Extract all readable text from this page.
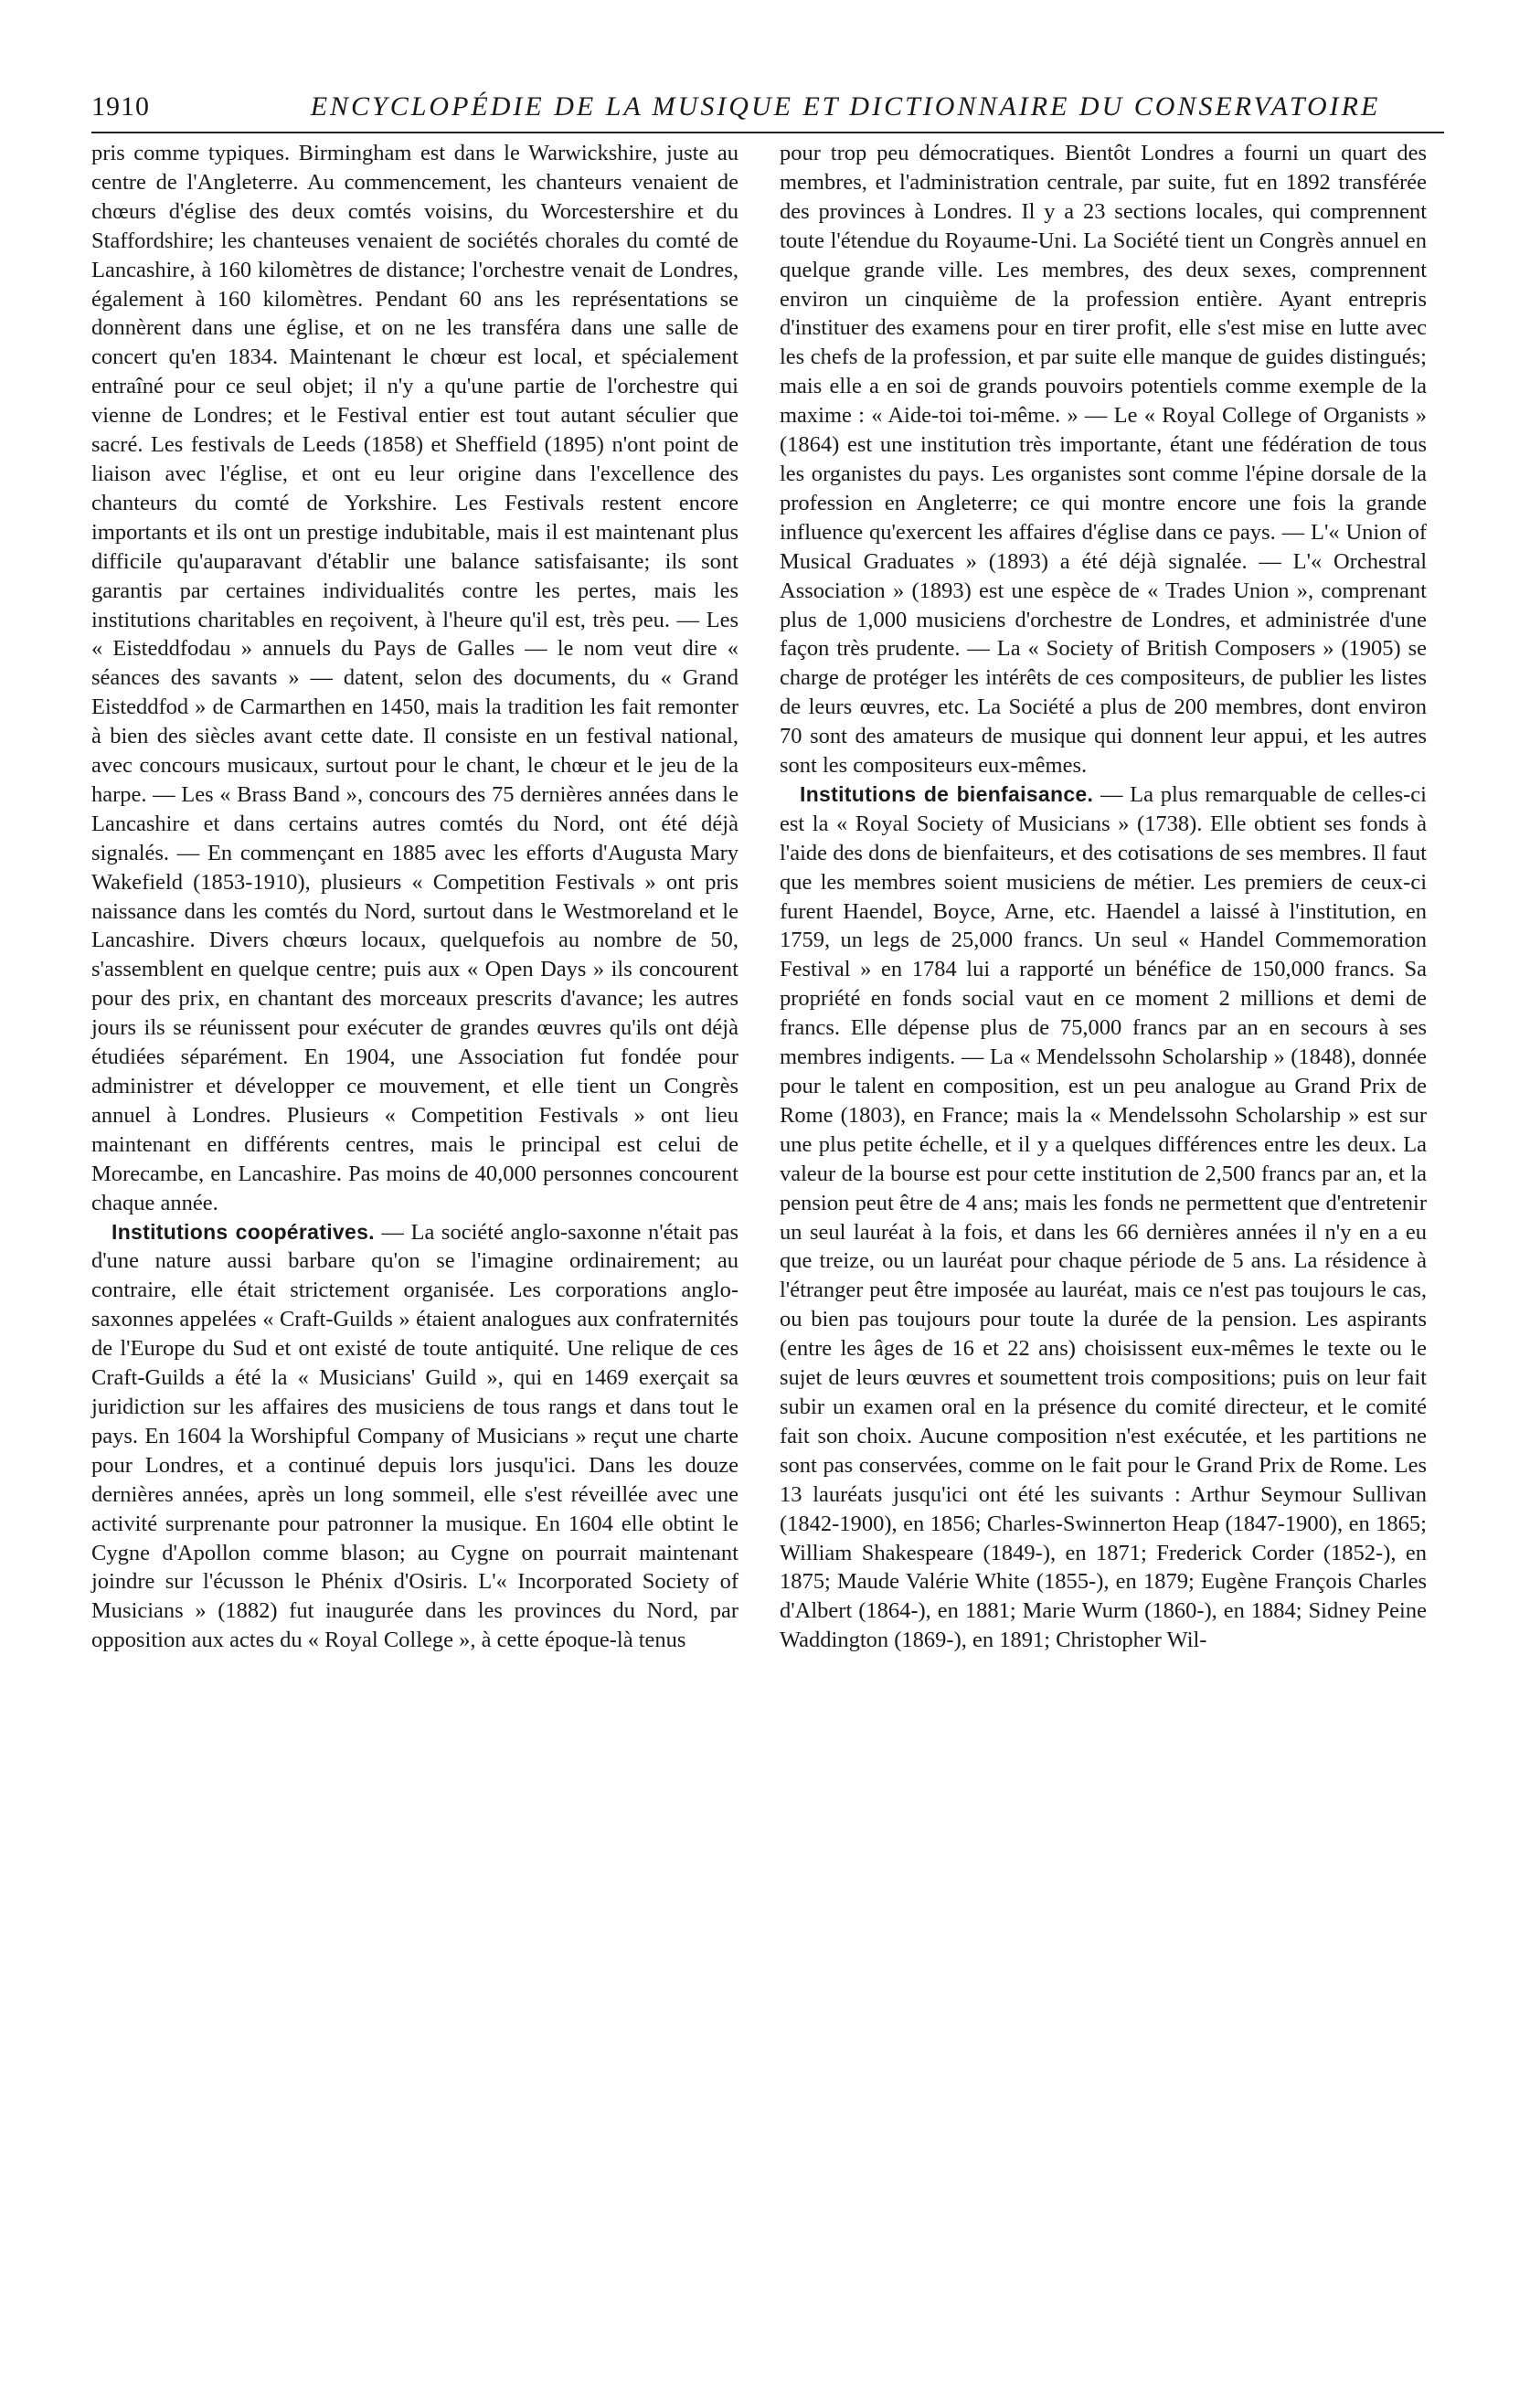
1910	ENCYCLOPÉDIE DE LA MUSIQUE ET DICTIONNAIRE DU CONSERVATOIRE

pris comme typiques. Birmingham est dans le Warwickshire, juste au centre de l'Angleterre. Au commencement, les chanteurs venaient de chœurs d'église des deux comtés voisins, du Worcestershire et du Staffordshire; les chanteuses venaient de sociétés chorales du comté de Lancashire, à 160 kilomètres de distance; l'orchestre venait de Londres, également à 160 kilomètres. Pendant 60 ans les représentations se donnèrent dans une église, et on ne les transféra dans une salle de concert qu'en 1834. Maintenant le chœur est local, et spécialement entraîné pour ce seul objet; il n'y a qu'une partie de l'orchestre qui vienne de Londres; et le Festival entier est tout autant séculier que sacré. Les festivals de Leeds (1858) et Sheffield (1895) n'ont point de liaison avec l'église, et ont eu leur origine dans l'excellence des chanteurs du comté de Yorkshire. Les Festivals restent encore importants et ils ont un prestige indubitable, mais il est maintenant plus difficile qu'auparavant d'établir une balance satisfaisante; ils sont garantis par certaines individualités contre les pertes, mais les institutions charitables en reçoivent, à l'heure qu'il est, très peu. — Les « Eisteddfodau » annuels du Pays de Galles — le nom veut dire « séances des savants » — datent, selon des documents, du « Grand Eisteddfod » de Carmarthen en 1450, mais la tradition les fait remonter à bien des siècles avant cette date. Il consiste en un festival national, avec concours musicaux, surtout pour le chant, le chœur et le jeu de la harpe. — Les « Brass Band », concours des 75 dernières années dans le Lancashire et dans certains autres comtés du Nord, ont été déjà signalés. — En commençant en 1885 avec les efforts d'Augusta Mary Wakefield (1853-1910), plusieurs « Competition Festivals » ont pris naissance dans les comtés du Nord, surtout dans le Westmoreland et le Lancashire. Divers chœurs locaux, quelquefois au nombre de 50, s'assemblent en quelque centre; puis aux « Open Days » ils concourent pour des prix, en chantant des morceaux prescrits d'avance; les autres jours ils se réunissent pour exécuter de grandes œuvres qu'ils ont déjà étudiées séparément. En 1904, une Association fut fondée pour administrer et développer ce mouvement, et elle tient un Congrès annuel à Londres. Plusieurs « Competition Festivals » ont lieu maintenant en différents centres, mais le principal est celui de Morecambe, en Lancashire. Pas moins de 40,000 personnes concourent chaque année.

Institutions coopératives. — La société anglo-saxonne n'était pas d'une nature aussi barbare qu'on se l'imagine ordinairement; au contraire, elle était strictement organisée. Les corporations anglo-saxonnes appelées « Craft-Guilds » étaient analogues aux confraternités de l'Europe du Sud et ont existé de toute antiquité. Une relique de ces Craft-Guilds a été la « Musicians' Guild », qui en 1469 exerçait sa juridiction sur les affaires des musiciens de tous rangs et dans tout le pays. En 1604 la Worshipful Company of Musicians » reçut une charte pour Londres, et a continué depuis lors jusqu'ici. Dans les douze dernières années, après un long sommeil, elle s'est réveillée avec une activité surprenante pour patronner la musique. En 1604 elle obtint le Cygne d'Apollon comme blason; au Cygne on pourrait maintenant joindre sur l'écusson le Phénix d'Osiris. L'« Incorporated Society of Musicians » (1882) fut inaugurée dans les provinces du Nord, par opposition aux actes du « Royal College », à cette époque-là tenus

pour trop peu démocratiques. Bientôt Londres a fourni un quart des membres, et l'administration centrale, par suite, fut en 1892 transférée des provinces à Londres. Il y a 23 sections locales, qui comprennent toute l'étendue du Royaume-Uni. La Société tient un Congrès annuel en quelque grande ville. Les membres, des deux sexes, comprennent environ un cinquième de la profession entière. Ayant entrepris d'instituer des examens pour en tirer profit, elle s'est mise en lutte avec les chefs de la profession, et par suite elle manque de guides distingués; mais elle a en soi de grands pouvoirs potentiels comme exemple de la maxime : « Aide-toi toi-même. » — Le « Royal College of Organists » (1864) est une institution très importante, étant une fédération de tous les organistes du pays. Les organistes sont comme l'épine dorsale de la profession en Angleterre; ce qui montre encore une fois la grande influence qu'exercent les affaires d'église dans ce pays. — L'« Union of Musical Graduates » (1893) a été déjà signalée. — L'« Orchestral Association » (1893) est une espèce de « Trades Union », comprenant plus de 1,000 musiciens d'orchestre de Londres, et administrée d'une façon très prudente. — La « Society of British Composers » (1905) se charge de protéger les intérêts de ces compositeurs, de publier les listes de leurs œuvres, etc. La Société a plus de 200 membres, dont environ 70 sont des amateurs de musique qui donnent leur appui, et les autres sont les compositeurs eux-mêmes.

Institutions de bienfaisance. — La plus remarquable de celles-ci est la « Royal Society of Musicians » (1738). Elle obtient ses fonds à l'aide des dons de bienfaiteurs, et des cotisations de ses membres. Il faut que les membres soient musiciens de métier. Les premiers de ceux-ci furent Haendel, Boyce, Arne, etc. Haendel a laissé à l'institution, en 1759, un legs de 25,000 francs. Un seul « Handel Commemoration Festival » en 1784 lui a rapporté un bénéfice de 150,000 francs. Sa propriété en fonds social vaut en ce moment 2 millions et demi de francs. Elle dépense plus de 75,000 francs par an en secours à ses membres indigents. — La « Mendelssohn Scholarship » (1848), donnée pour le talent en composition, est un peu analogue au Grand Prix de Rome (1803), en France; mais la « Mendelssohn Scholarship » est sur une plus petite échelle, et il y a quelques différences entre les deux. La valeur de la bourse est pour cette institution de 2,500 francs par an, et la pension peut être de 4 ans; mais les fonds ne permettent que d'entretenir un seul lauréat à la fois, et dans les 66 dernières années il n'y en a eu que treize, ou un lauréat pour chaque période de 5 ans. La résidence à l'étranger peut être imposée au lauréat, mais ce n'est pas toujours le cas, ou bien pas toujours pour toute la durée de la pension. Les aspirants (entre les âges de 16 et 22 ans) choisissent eux-mêmes le texte ou le sujet de leurs œuvres et soumettent trois compositions; puis on leur fait subir un examen oral en la présence du comité directeur, et le comité fait son choix. Aucune composition n'est exécutée, et les partitions ne sont pas conservées, comme on le fait pour le Grand Prix de Rome. Les 13 lauréats jusqu'ici ont été les suivants : Arthur Seymour Sullivan (1842-1900), en 1856; Charles-Swinnerton Heap (1847-1900), en 1865; William Shakespeare (1849-), en 1871; Frederick Corder (1852-), en 1875; Maude Valérie White (1855-), en 1879; Eugène François Charles d'Albert (1864-), en 1881; Marie Wurm (1860-), en 1884; Sidney Peine Waddington (1869-), en 1891; Christopher Wil-
